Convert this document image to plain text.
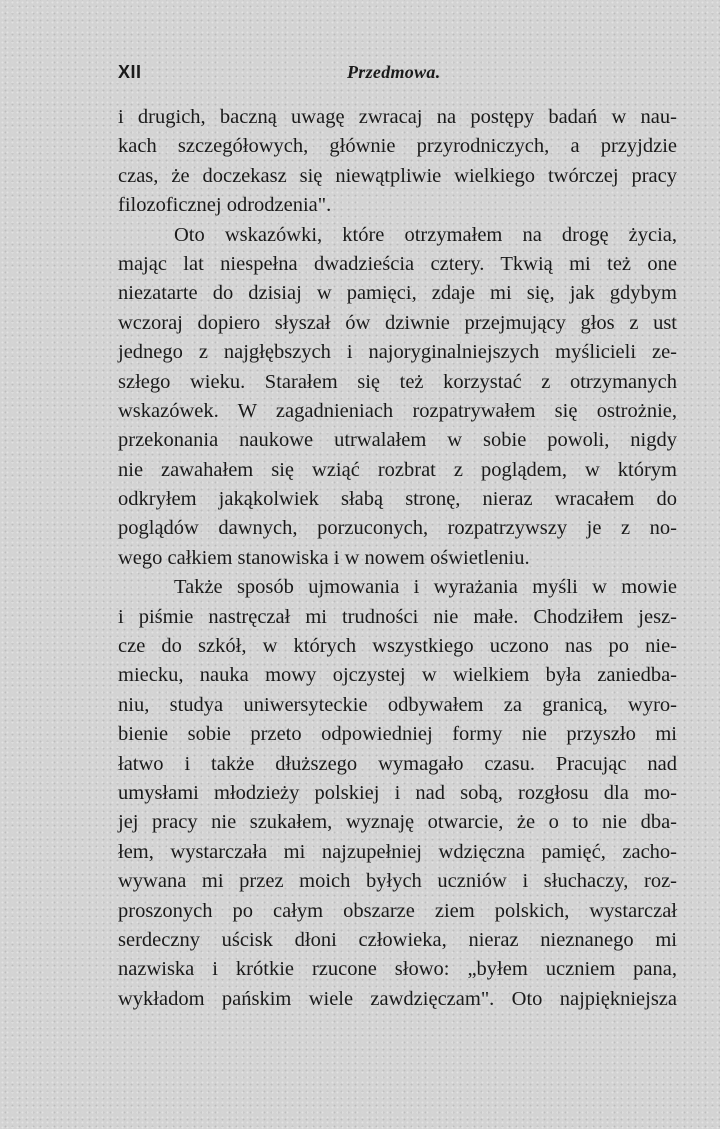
XII	Przedmowa.
i drugich, baczną uwagę zwracaj na postępy badań w nau-
kach szczegółowych, głównie przyrodniczych, a przyjdzie
czas, że doczekasz się niewątpliwie wielkiego twórczej pracy
filozoficznej odrodzenia".
Oto wskazówki, które otrzymałem na drogę życia,
mając lat niespełna dwadzieścia cztery. Tkwią mi też one
niezatarte do dzisiaj w pamięci, zdaje mi się, jak gdybym
wczoraj dopiero słyszał ów dziwnie przejmujący głos z ust
jednego z najgłębszych i najoryginalniejszych myślicieli ze-
szłego wieku. Starałem się też korzystać z otrzymanych
wskazówek. W zagadnieniach rozpatrywałem się ostrożnie,
przekonania naukowe utrwalałem w sobie powoli, nigdy
nie zawahałem się wziąć rozbrat z poglądem, w którym
odkryłem jakąkolwiek słabą stronę, nieraz wracałem do
poglądów dawnych, porzuconych, rozpatrzywszy je z no-
wego całkiem stanowiska i w nowem oświetleniu.
Także sposób ujmowania i wyrażania myśli w mowie
i piśmie nastręczał mi trudności nie małe. Chodziłem jesz-
cze do szkół, w których wszystkiego uczono nas po nie-
miecku, nauka mowy ojczystej w wielkiem była zaniedba-
niu, studya uniwersyteckie odbywałem za granicą, wyro-
bienie sobie przeto odpowiedniej formy nie przyszło mi
łatwo i także dłuższego wymagało czasu. Pracując nad
umysłami młodzieży polskiej i nad sobą, rozgłosu dla mo-
jej pracy nie szukałem, wyznaję otwarcie, że o to nie dba-
łem, wystarczała mi najzupełniej wdzięczna pamięć, zacho-
wywana mi przez moich byłych uczniów i słuchaczy, roz-
proszonych po całym obszarze ziem polskich, wystarczał
serdeczny uścisk dłoni człowieka, nieraz nieznanego mi
nazwiska i krótkie rzucone słowo: „byłem uczniem pana,
wykładom pańskim wiele zawdzięczam". Oto najpiękniejsza
